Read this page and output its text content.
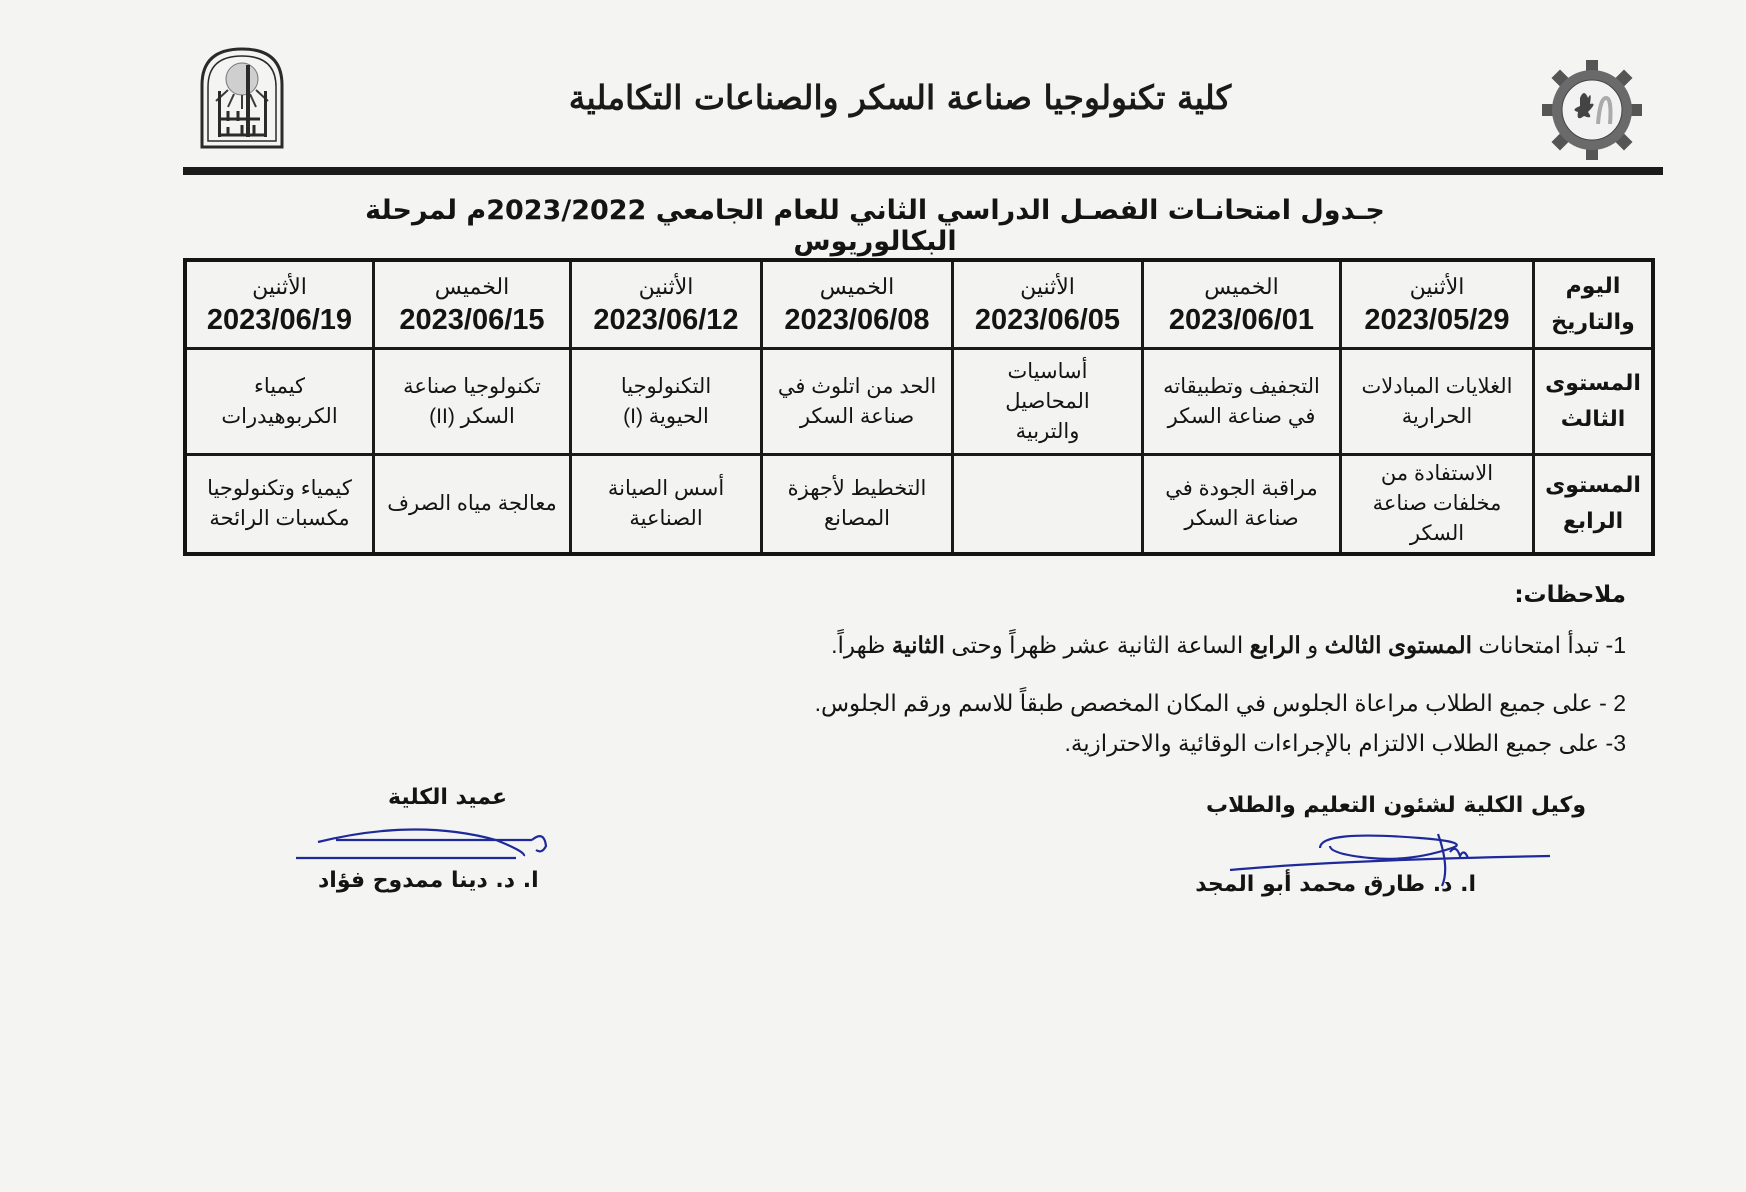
كلية تكنولوجيا صناعة السكر والصناعات التكاملية
جـدول امتحانـات الفصـل الدراسي الثاني للعام الجامعي 2023/2022م لمرحلة البكالوريوس
اليوم
والتاريخ
الأثنين
2023/05/29
الخميس
2023/06/01
الأثنين
2023/06/05
الخميس
2023/06/08
الأثنين
2023/06/12
الخميس
2023/06/15
الأثنين
2023/06/19
المستوى
الثالث
الغلايات المبادلات
الحرارية
التجفيف وتطبيقاته
في صناعة السكر
أساسيات
المحاصيل
والتربية
الحد من اتلوث في
صناعة السكر
التكنولوجيا
الحيوية (I)
تكنولوجيا صناعة
السكر (II)
كيمياء
الكربوهيدرات
المستوى
الرابع
الاستفادة من
مخلفات صناعة
السكر
مراقبة الجودة في
صناعة السكر
التخطيط لأجهزة
المصانع
أسس الصيانة
الصناعية
معالجة مياه الصرف
كيمياء وتكنولوجيا
مكسبات الرائحة
ملاحظات:
1- تبدأ امتحانات المستوى الثالث و الرابع الساعة الثانية عشر ظهراً وحتى الثانية ظهراً.
2 - على جميع الطلاب مراعاة الجلوس في المكان المخصص طبقاً للاسم ورقم الجلوس.
3- على جميع الطلاب الالتزام بالإجراءات الوقائية والاحترازية.
وكيل الكلية لشئون التعليم والطلاب
ا. د. طارق محمد أبو المجد
عميد الكلية
ا. د. دينا ممدوح فؤاد
